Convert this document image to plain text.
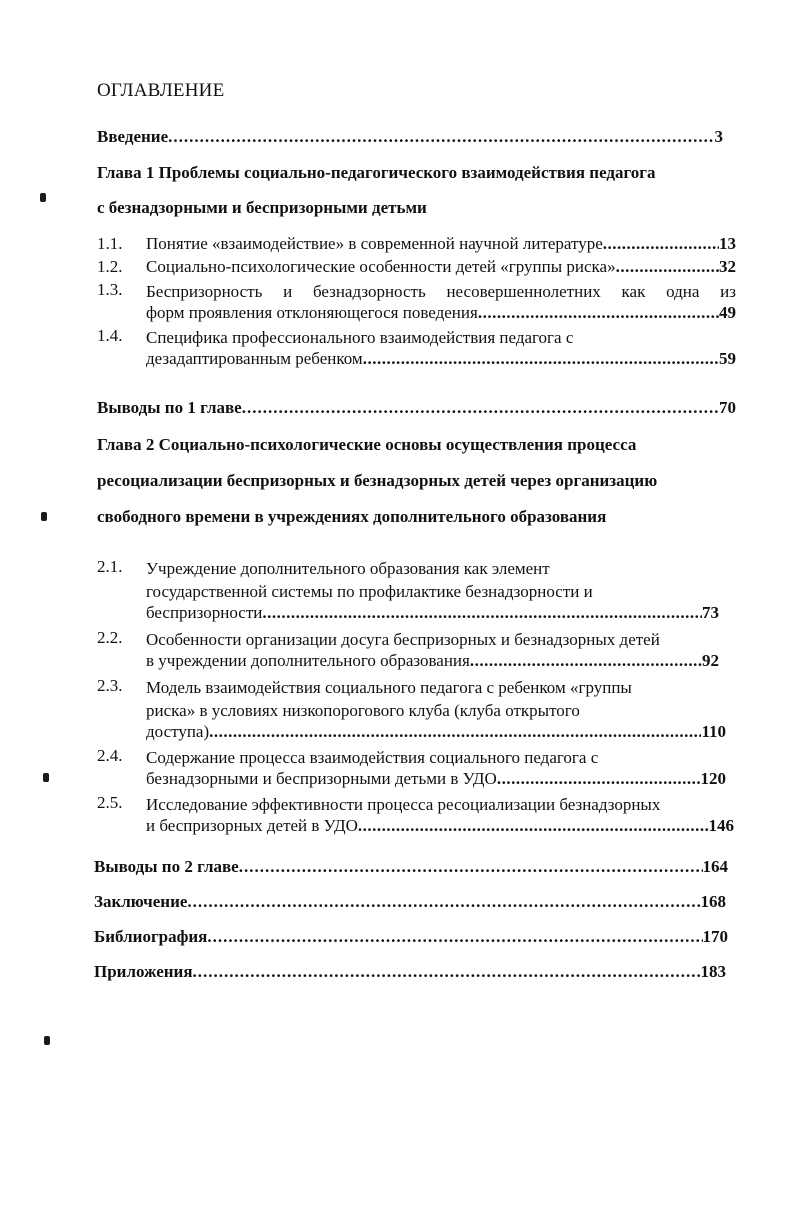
ОГЛАВЛЕНИЕ
Введение .....	3
Глава 1 Проблемы социально-педагогического взаимодействия педагога
с безнадзорными и беспризорными детьми
1.1. Понятие «взаимодействие» в современной научной литературе .....	13
1.2. Социально-психологические особенности детей «группы риска» .....	32
1.3. Беспризорность и безнадзорность несовершеннолетних как одна из
форм проявления отклоняющегося поведения .....	49
1.4. Специфика профессионального взаимодействия педагога с
дезадаптированным ребенком .....	59
Выводы по 1 главе .....	70
Глава 2 Социально-психологические основы осуществления процесса
ресоциализации беспризорных и безнадзорных детей через организацию
свободного времени в учреждениях дополнительного образования
2.1. Учреждение дополнительного образования как элемент
государственной системы по профилактике безнадзорности и
беспризорности .....	73
2.2. Особенности организации досуга беспризорных и безнадзорных детей
в учреждении дополнительного образования .....	92
2.3. Модель взаимодействия социального педагога с ребенком «группы
риска» в условиях низкопорогового клуба (клуба открытого
доступа) .....	110
2.4. Содержание процесса взаимодействия социального педагога с
безнадзорными и беспризорными детьми в УДО .....	120
2.5. Исследование эффективности процесса ресоциализации безнадзорных
и беспризорных детей в УДО .....	146
Выводы по 2 главе .....	164
Заключение .....	168
Библиография .....	170
Приложения .....	183
